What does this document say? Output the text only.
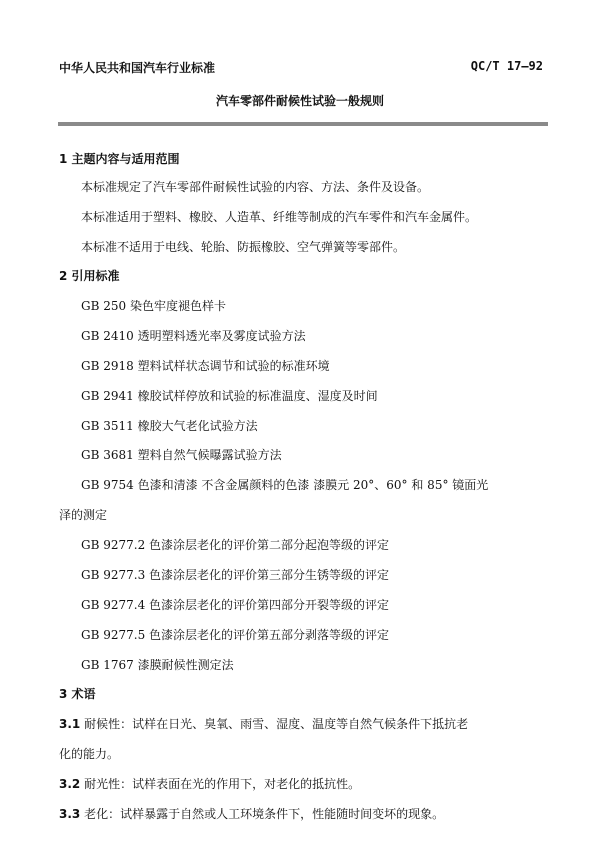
中华人民共和国汽车行业标准	QC/T 17—92
汽车零部件耐候性试验一般规则
1 主题内容与适用范围
本标准规定了汽车零部件耐候性试验的内容、方法、条件及设备。
本标准适用于塑料、橡胶、人造革、纤维等制成的汽车零件和汽车金属件。
本标准不适用于电线、轮胎、防振橡胶、空气弹簧等零部件。
2 引用标准
GB 250 染色牢度褪色样卡
GB 2410 透明塑料透光率及雾度试验方法
GB 2918 塑料试样状态调节和试验的标准环境
GB 2941 橡胶试样停放和试验的标准温度、湿度及时间
GB 3511 橡胶大气老化试验方法
GB 3681 塑料自然气候曝露试验方法
GB 9754 色漆和清漆 不含金属颜料的色漆 漆膜元 20°、60° 和 85° 镜面光
泽的测定
GB 9277.2 色漆涂层老化的评价第二部分起泡等级的评定
GB 9277.3 色漆涂层老化的评价第三部分生锈等级的评定
GB 9277.4 色漆涂层老化的评价第四部分开裂等级的评定
GB 9277.5 色漆涂层老化的评价第五部分剥落等级的评定
GB 1767 漆膜耐候性测定法
3 术语
3.1 耐候性：试样在日光、臭氧、雨雪、湿度、温度等自然气候条件下抵抗老
化的能力。
3.2 耐光性：试样表面在光的作用下，对老化的抵抗性。
3.3 老化：试样暴露于自然或人工环境条件下，性能随时间变坏的现象。
